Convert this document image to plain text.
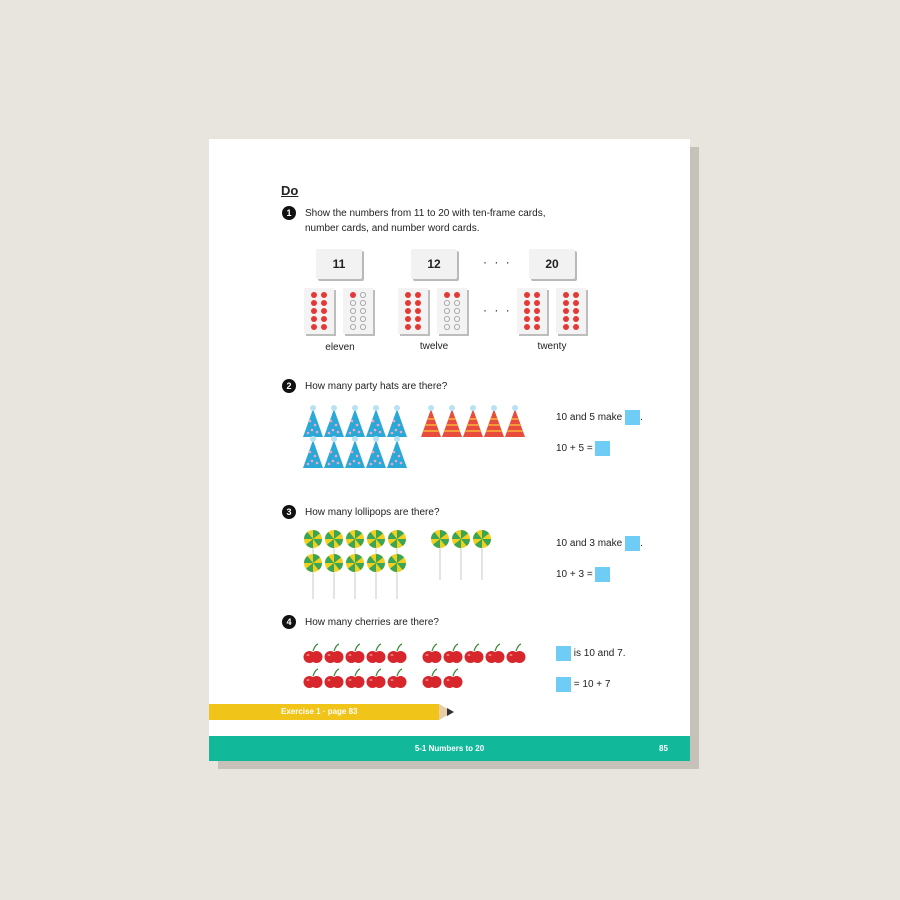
Do
1	Show the numbers from 11 to 20 with ten-frame cards,
number cards, and number word cards.
11	12	· · ·	20
· · ·
eleven	twelve	twenty
2	How many party hats are there?
10 and 5 make .
10 + 5 =
3	How many lollipops are there?
10 and 3 make .
10 + 3 =
4	How many cherries are there?
is 10 and 7.
= 10 + 7
Exercise 1 · page 83
5-1 Numbers to 20	85
